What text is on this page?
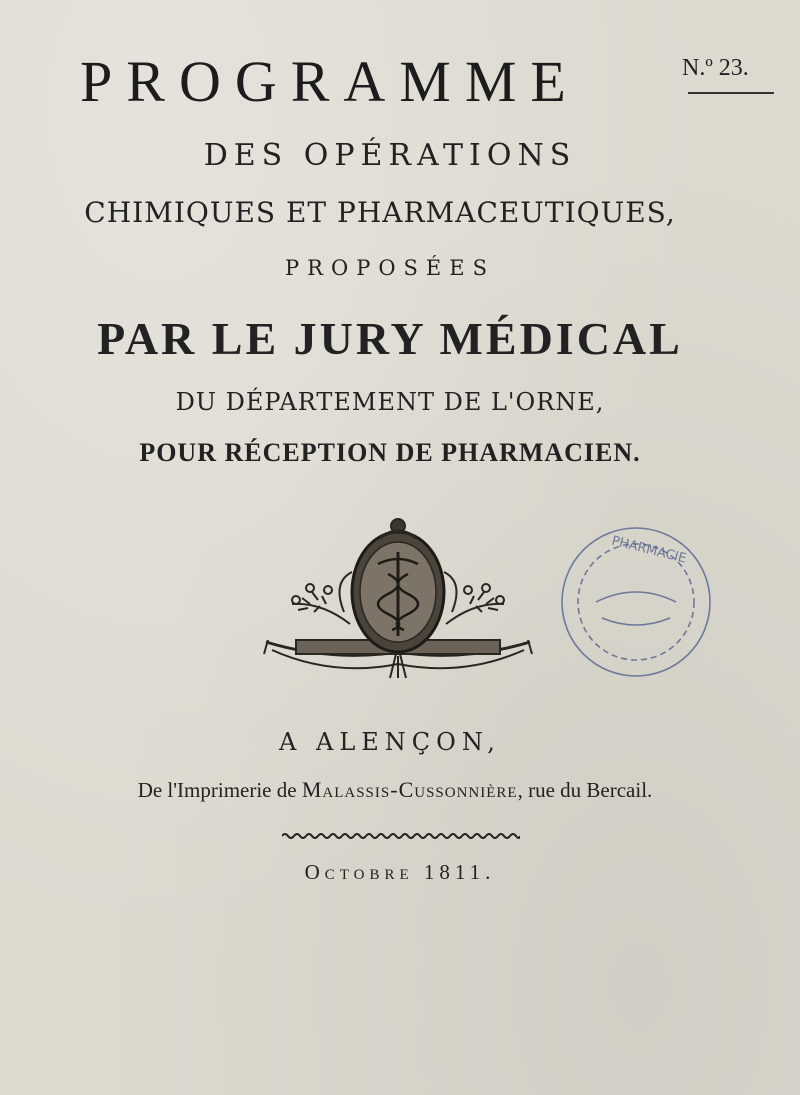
PROGRAMME	N.º 23.
DES OPÉRATIONS
CHIMIQUES ET PHARMACEUTIQUES,
PROPOSÉES
PAR LE JURY MÉDICAL
DU DÉPARTEMENT DE L'ORNE,
POUR RÉCEPTION DE PHARMACIEN.
PHARMACIE
A ALENÇON,
De l'Imprimerie de Malassis-Cussonnière, rue du Bercail.
Octobre 1811.
